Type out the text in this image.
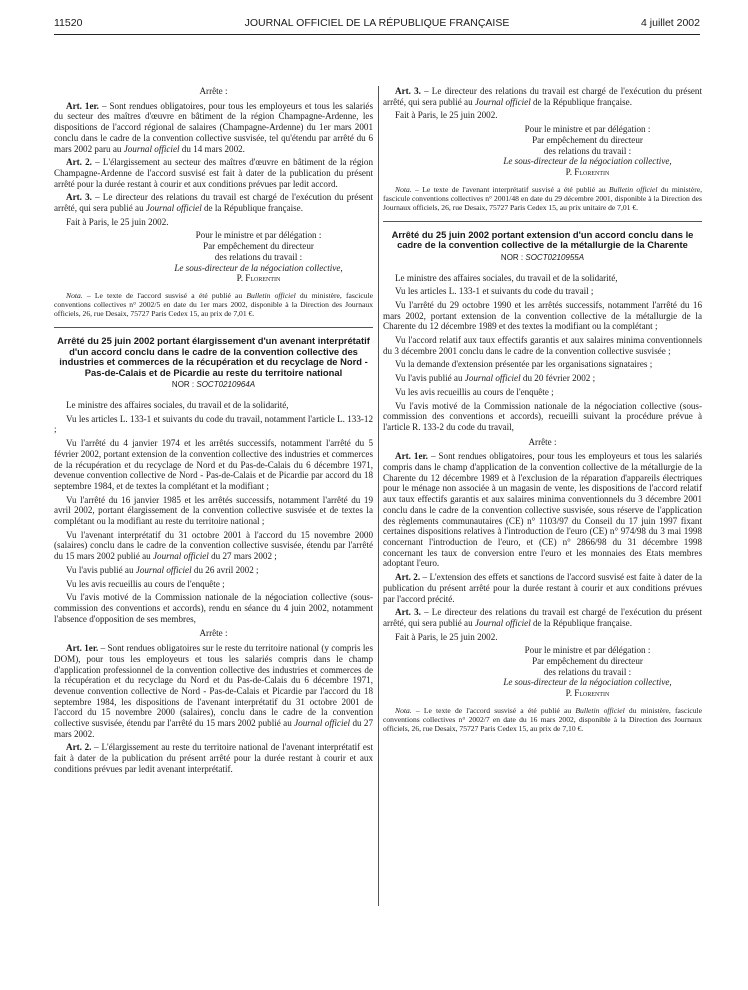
11520	JOURNAL OFFICIEL DE LA RÉPUBLIQUE FRANÇAISE	4 juillet 2002

Arrête :

Art. 1er. – Sont rendues obligatoires, pour tous les employeurs et tous les salariés du secteur des maîtres d'œuvre en bâtiment de la région Champagne-Ardenne, les dispositions de l'accord régional de salaires (Champagne-Ardenne) du 1er mars 2001 conclu dans le cadre de la convention collective susvisée, tel qu'étendu par arrêté du 6 mars 2002 paru au Journal officiel du 14 mars 2002.

Art. 2. – L'élargissement au secteur des maîtres d'œuvre en bâtiment de la région Champagne-Ardenne de l'accord susvisé est fait à dater de la publication du présent arrêté pour la durée restant à courir et aux conditions prévues par ledit accord.

Art. 3. – Le directeur des relations du travail est chargé de l'exécution du présent arrêté, qui sera publié au Journal officiel de la République française.

Fait à Paris, le 25 juin 2002.

Pour le ministre et par délégation :
Par empêchement du directeur
des relations du travail :
Le sous-directeur de la négociation collective,
P. Florentin

Nota. – Le texte de l'accord susvisé a été publié au Bulletin officiel du ministère, fascicule conventions collectives n° 2002/5 en date du 1er mars 2002, disponible à la Direction des Journaux officiels, 26, rue Desaix, 75727 Paris Cedex 15, au prix de 7,01 €.

Arrêté du 25 juin 2002 portant élargissement d'un avenant interprétatif d'un accord conclu dans le cadre de la convention collective des industries et commerces de la récupération et du recyclage de Nord - Pas-de-Calais et de Picardie au reste du territoire national

NOR : SOCT0210964A

Le ministre des affaires sociales, du travail et de la solidarité,

Vu les articles L. 133-1 et suivants du code du travail, notamment l'article L. 133-12 ;

Vu l'arrêté du 4 janvier 1974 et les arrêtés successifs, notamment l'arrêté du 5 février 2002, portant extension de la convention collective des industries et commerces de la récupération et du recyclage de Nord et du Pas-de-Calais du 6 décembre 1971, devenue convention collective de Nord - Pas-de-Calais et de Picardie par accord du 18 septembre 1984, et de textes la complétant et la modifiant ;

Vu l'arrêté du 16 janvier 1985 et les arrêtés successifs, notamment l'arrêté du 19 avril 2002, portant élargissement de la convention collective susvisée et de textes la complétant ou la modifiant au reste du territoire national ;

Vu l'avenant interprétatif du 31 octobre 2001 à l'accord du 15 novembre 2000 (salaires) conclu dans le cadre de la convention collective susvisée, étendu par l'arrêté du 15 mars 2002 publié au Journal officiel du 27 mars 2002 ;

Vu l'avis publié au Journal officiel du 26 avril 2002 ;

Vu les avis recueillis au cours de l'enquête ;

Vu l'avis motivé de la Commission nationale de la négociation collective (sous-commission des conventions et accords), rendu en séance du 4 juin 2002, notamment l'absence d'opposition de ses membres,

Arrête :

Art. 1er. – Sont rendues obligatoires sur le reste du territoire national (y compris les DOM), pour tous les employeurs et tous les salariés compris dans le champ d'application professionnel de la convention collective des industries et commerces de la récupération et du recyclage du Nord et du Pas-de-Calais du 6 décembre 1971, devenue convention collective de Nord - Pas-de-Calais et Picardie par l'accord du 18 septembre 1984, les dispositions de l'avenant interprétatif du 31 octobre 2001 de l'accord du 15 novembre 2000 (salaires), conclu dans le cadre de la convention collective susvisée, étendu par l'arrêté du 15 mars 2002 publié au Journal officiel du 27 mars 2002.

Art. 2. – L'élargissement au reste du territoire national de l'avenant interprétatif est fait à dater de la publication du présent arrêté pour la durée restant à courir et aux conditions prévues par ledit avenant interprétatif.

Art. 3. – Le directeur des relations du travail est chargé de l'exécution du présent arrêté, qui sera publié au Journal officiel de la République française.

Fait à Paris, le 25 juin 2002.

Pour le ministre et par délégation :
Par empêchement du directeur
des relations du travail :
Le sous-directeur de la négociation collective,
P. Florentin

Nota. – Le texte de l'avenant interprétatif susvisé a été publié au Bulletin officiel du ministère, fascicule conventions collectives n° 2001/48 en date du 29 décembre 2001, disponible à la Direction des Journaux officiels, 26, rue Desaix, 75727 Paris Cedex 15, au prix unitaire de 7,01 €.

Arrêté du 25 juin 2002 portant extension d'un accord conclu dans le cadre de la convention collective de la métallurgie de la Charente

NOR : SOCT0210955A

Le ministre des affaires sociales, du travail et de la solidarité,

Vu les articles L. 133-1 et suivants du code du travail ;

Vu l'arrêté du 29 octobre 1990 et les arrêtés successifs, notamment l'arrêté du 16 mars 2002, portant extension de la convention collective de la métallurgie de la Charente du 12 décembre 1989 et des textes la modifiant ou la complétant ;

Vu l'accord relatif aux taux effectifs garantis et aux salaires minima conventionnels du 3 décembre 2001 conclu dans le cadre de la convention collective susvisée ;

Vu la demande d'extension présentée par les organisations signataires ;

Vu l'avis publié au Journal officiel du 20 février 2002 ;

Vu les avis recueillis au cours de l'enquête ;

Vu l'avis motivé de la Commission nationale de la négociation collective (sous-commission des conventions et accords), recueilli suivant la procédure prévue à l'article R. 133-2 du code du travail,

Arrête :

Art. 1er. – Sont rendues obligatoires, pour tous les employeurs et tous les salariés compris dans le champ d'application de la convention collective de la métallurgie de la Charente du 12 décembre 1989 et à l'exclusion de la réparation d'appareils électriques pour le ménage non associée à un magasin de vente, les dispositions de l'accord relatif aux taux effectifs garantis et aux salaires minima conventionnels du 3 décembre 2001 conclu dans le cadre de la convention collective susvisée, sous réserve de l'application des règlements communautaires (CE) n° 1103/97 du Conseil du 17 juin 1997 fixant certaines dispositions relatives à l'introduction de l'euro (CE) n° 974/98 du 3 mai 1998 concernant l'introduction de l'euro, et (CE) n° 2866/98 du 31 décembre 1998 concernant les taux de conversion entre l'euro et les monnaies des Etats membres adoptant l'euro.

Art. 2. – L'extension des effets et sanctions de l'accord susvisé est faite à dater de la publication du présent arrêté pour la durée restant à courir et aux conditions prévues par l'accord précité.

Art. 3. – Le directeur des relations du travail est chargé de l'exécution du présent arrêté, qui sera publié au Journal officiel de la République française.

Fait à Paris, le 25 juin 2002.

Pour le ministre et par délégation :
Par empêchement du directeur
des relations du travail :
Le sous-directeur de la négociation collective,
P. Florentin

Nota. – Le texte de l'accord susvisé a été publié au Bulletin officiel du ministère, fascicule conventions collectives n° 2002/7 en date du 16 mars 2002, disponible à la Direction des Journaux officiels, 26, rue Desaix, 75727 Paris Cedex 15, au prix de 7,10 €.
